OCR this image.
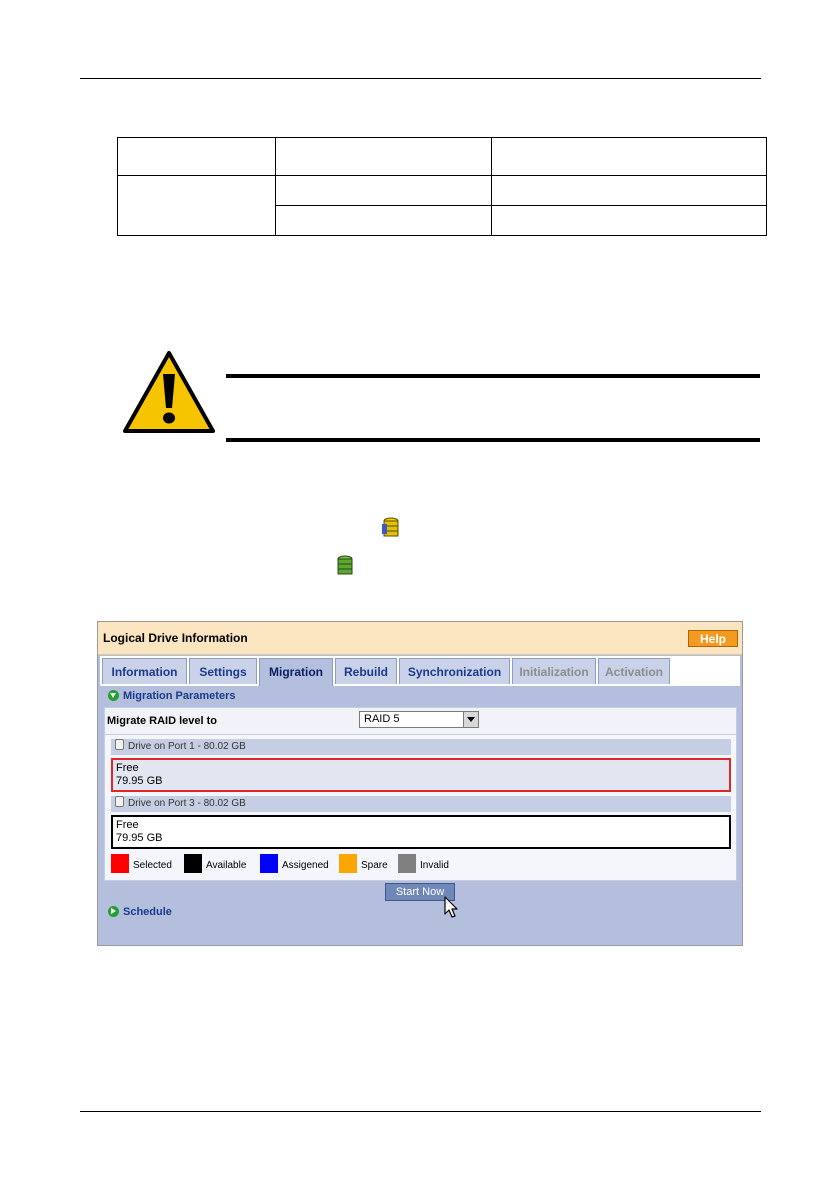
Logical Drive Information	Help
Information	Settings	Migration	Rebuild	Synchronization	Initialization	Activation
Migration Parameters
Migrate RAID level to	RAID 5
Drive on Port 1 - 80.02 GB
Free
79.95 GB
Drive on Port 3 - 80.02 GB
Free
79.95 GB
Selected	Available	Assigened	Spare	Invalid
Start Now
Schedule
